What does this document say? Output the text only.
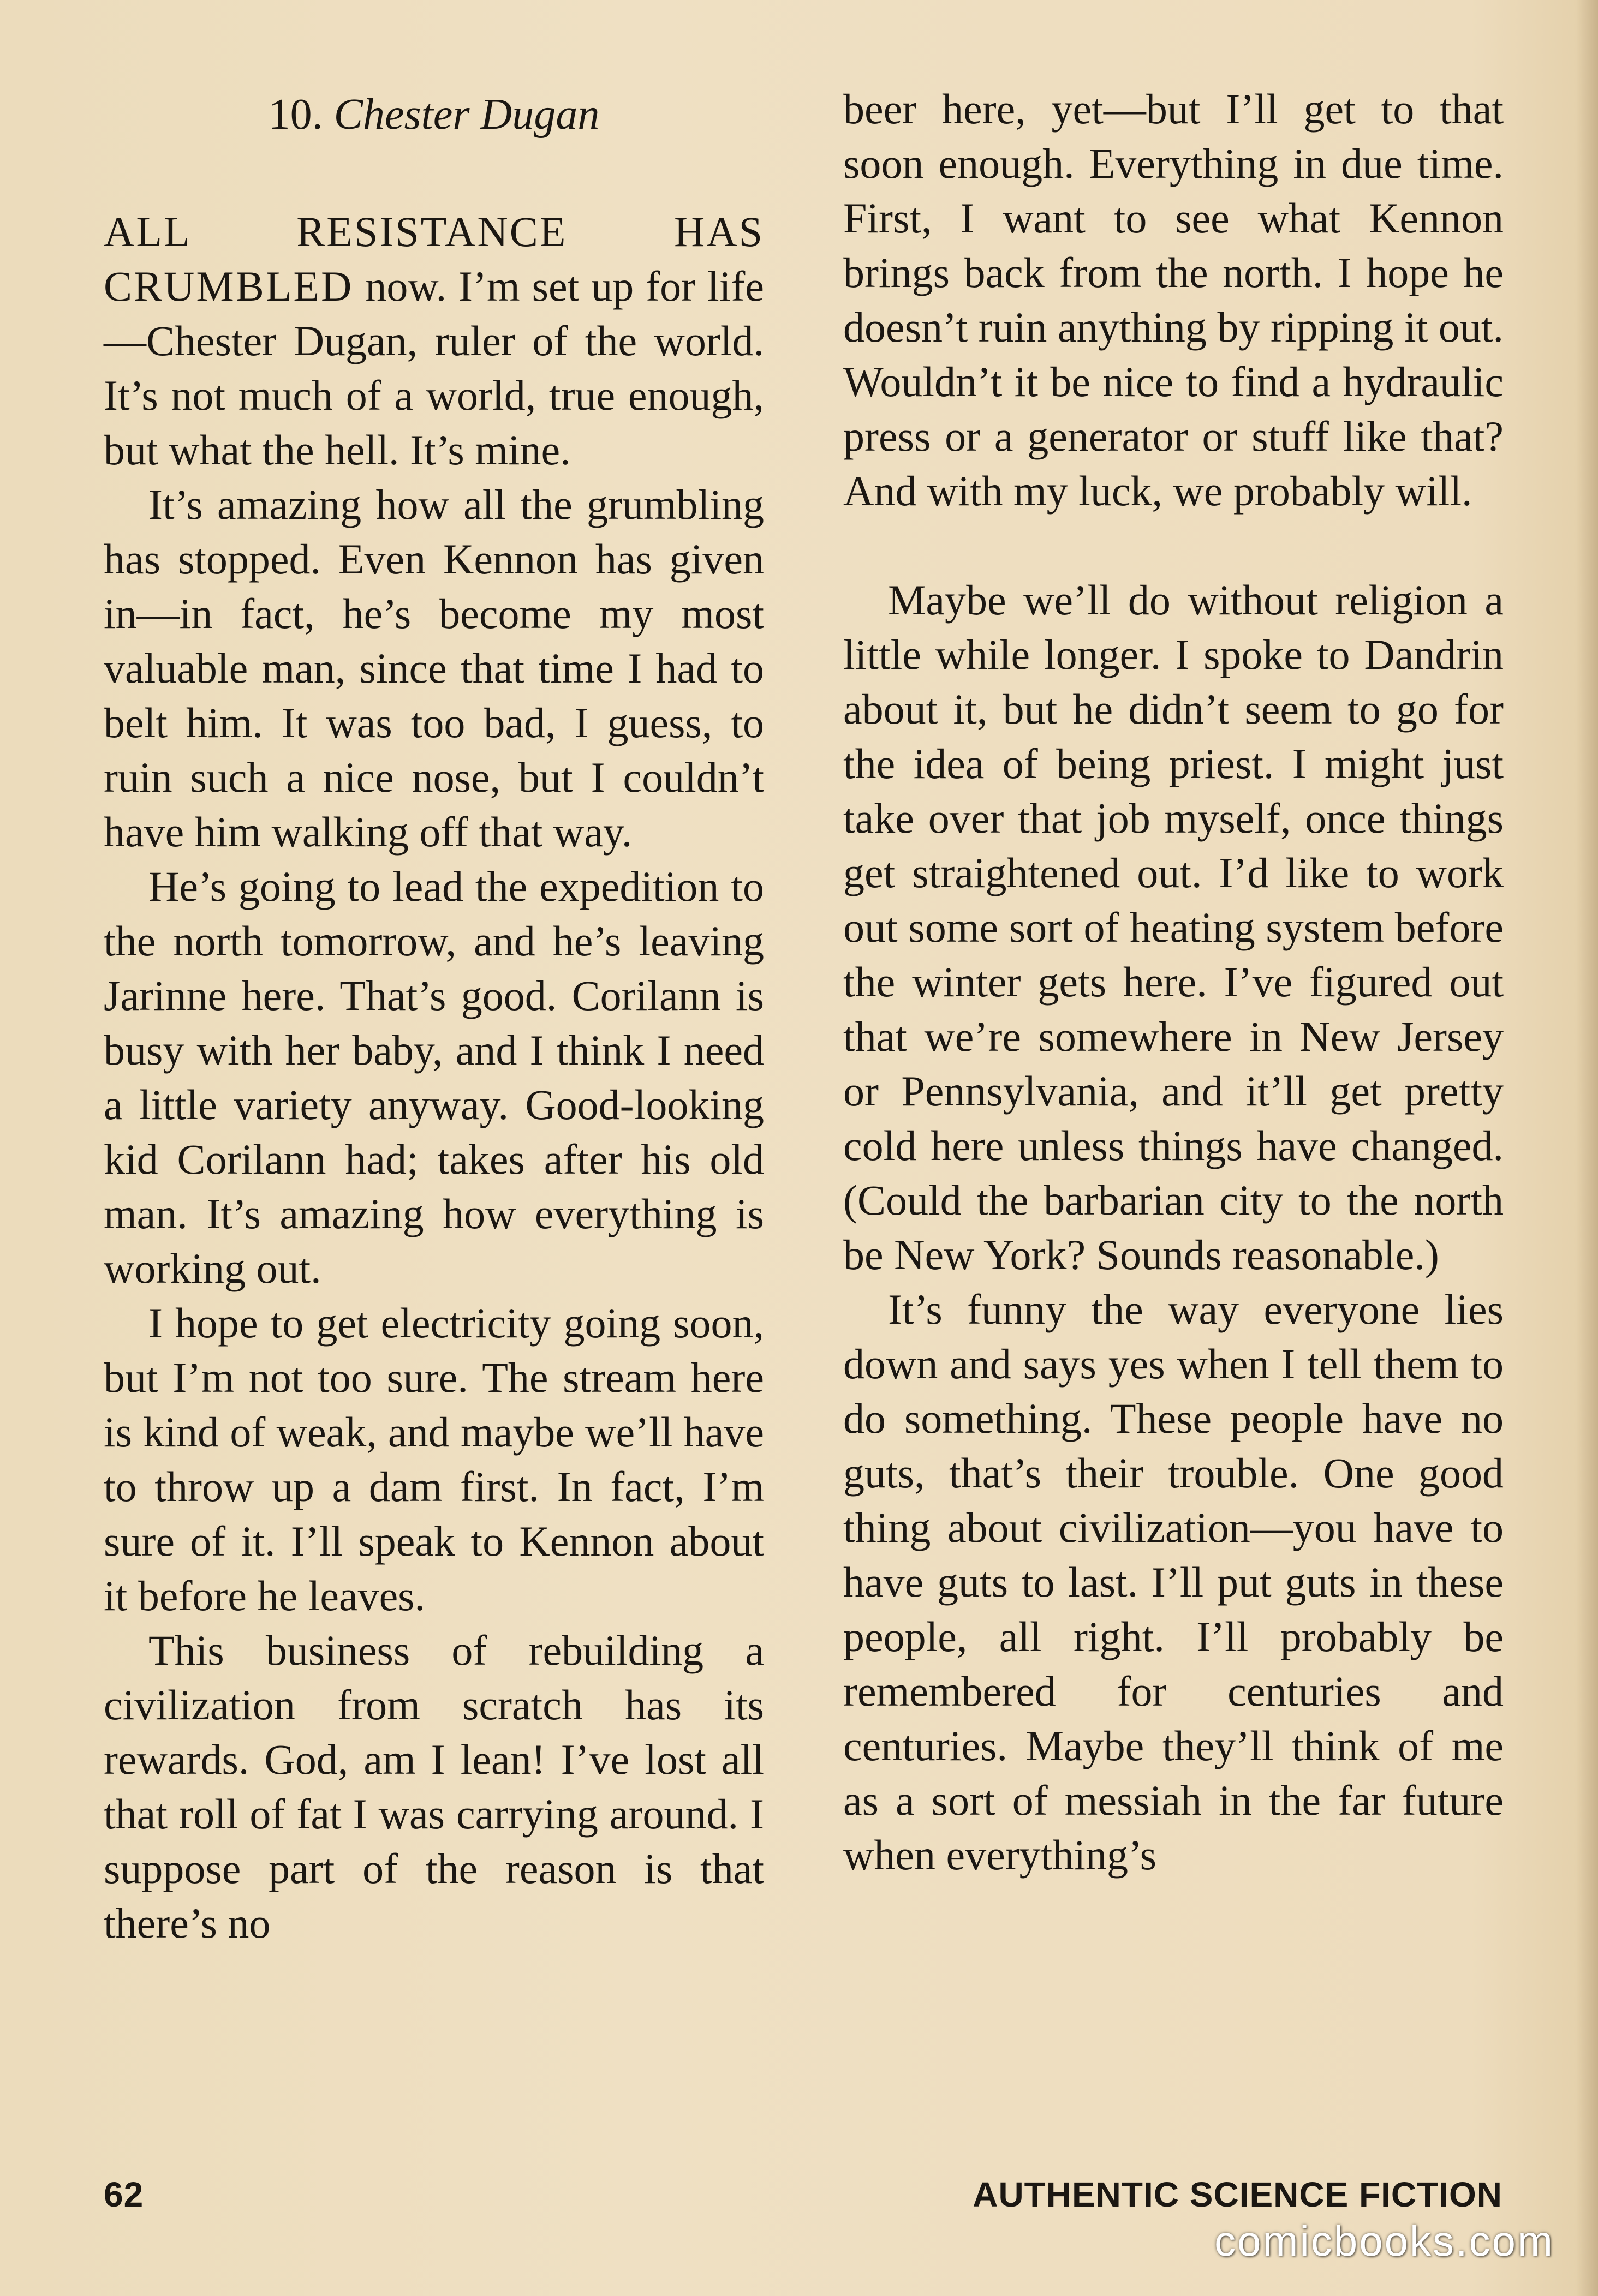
10. Chester Dugan

ALL RESISTANCE HAS CRUMBLED now. I’m set up for life—Chester Dugan, ruler of the world. It’s not much of a world, true enough, but what the hell. It’s mine.

It’s amazing how all the grumbling has stopped. Even Kennon has given in—in fact, he’s become my most valuable man, since that time I had to belt him. It was too bad, I guess, to ruin such a nice nose, but I couldn’t have him walking off that way.

He’s going to lead the expedition to the north tomorrow, and he’s leaving Jarinne here. That’s good. Corilann is busy with her baby, and I think I need a little variety anyway. Good-looking kid Corilann had; takes after his old man. It’s amazing how everything is working out.

I hope to get electricity going soon, but I’m not too sure. The stream here is kind of weak, and maybe we’ll have to throw up a dam first. In fact, I’m sure of it. I’ll speak to Kennon about it before he leaves.

This business of rebuilding a civilization from scratch has its rewards. God, am I lean! I’ve lost all that roll of fat I was carrying around. I suppose part of the reason is that there’s no

beer here, yet—but I’ll get to that soon enough. Everything in due time. First, I want to see what Kennon brings back from the north. I hope he doesn’t ruin anything by ripping it out. Wouldn’t it be nice to find a hydraulic press or a generator or stuff like that? And with my luck, we probably will.

Maybe we’ll do without religion a little while longer. I spoke to Dandrin about it, but he didn’t seem to go for the idea of being priest. I might just take over that job myself, once things get straightened out. I’d like to work out some sort of heating system before the winter gets here. I’ve figured out that we’re somewhere in New Jersey or Pennsylvania, and it’ll get pretty cold here unless things have changed. (Could the barbarian city to the north be New York? Sounds reasonable.)

It’s funny the way everyone lies down and says yes when I tell them to do something. These people have no guts, that’s their trouble. One good thing about civilization—you have to have guts to last. I’ll put guts in these people, all right. I’ll probably be remembered for centuries and centuries. Maybe they’ll think of me as a sort of messiah in the far future when everything’s

62	AUTHENTIC SCIENCE FICTION
comicbooks.com
